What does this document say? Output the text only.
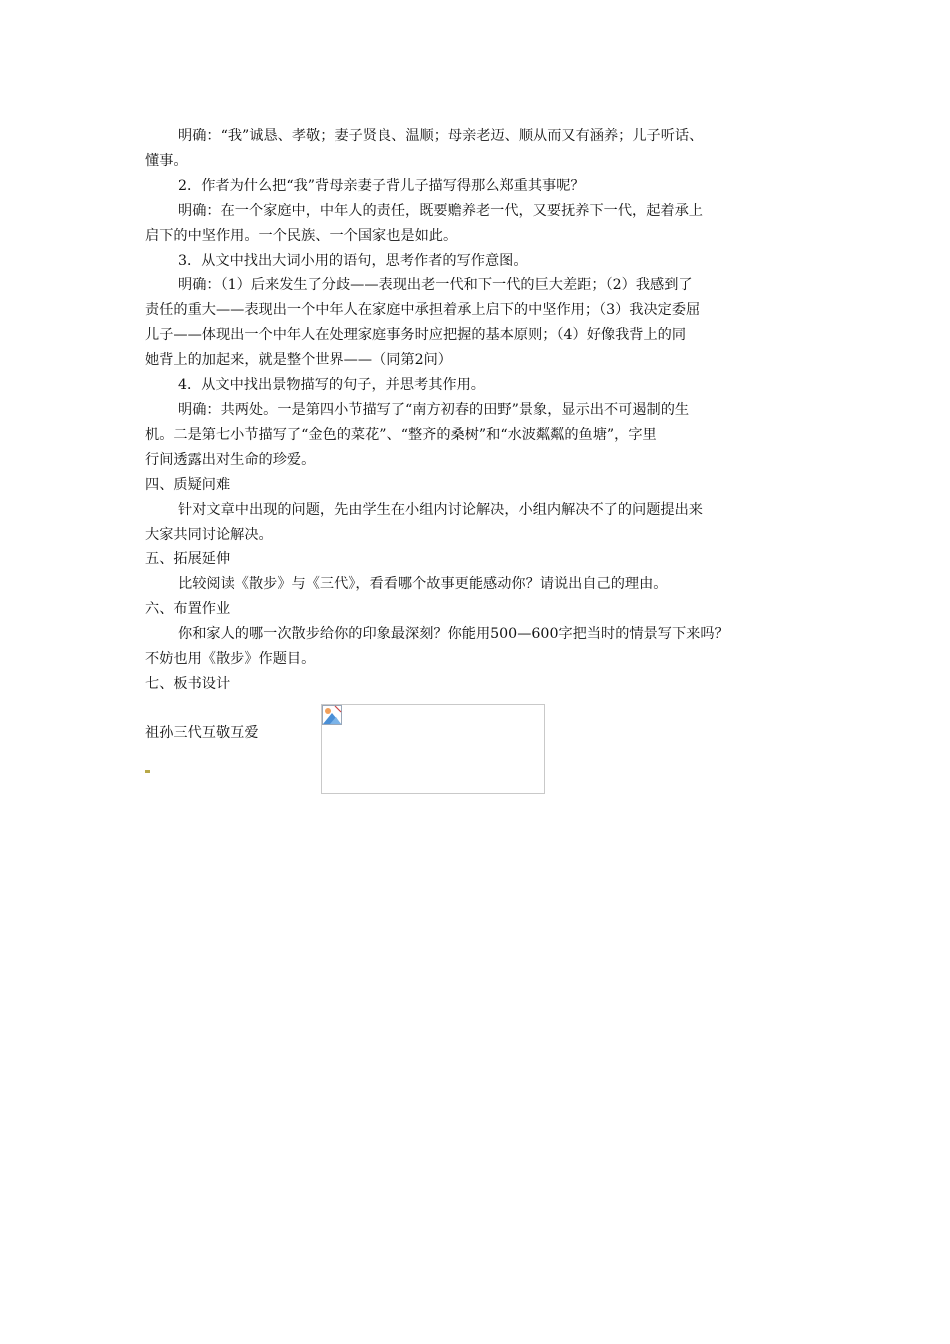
明确：“我”诚恳、孝敬；妻子贤良、温顺；母亲老迈、顺从而又有涵养；儿子听话、

懂事。

2．作者为什么把“我”背母亲妻子背儿子描写得那么郑重其事呢？

明确：在一个家庭中，中年人的责任，既要赡养老一代，又要抚养下一代，起着承上

启下的中坚作用。一个民族、一个国家也是如此。

3．从文中找出大词小用的语句，思考作者的写作意图。

明确：（1）后来发生了分歧——表现出老一代和下一代的巨大差距；（2）我感到了

责任的重大——表现出一个中年人在家庭中承担着承上启下的中坚作用；（3）我决定委屈

儿子——体现出一个中年人在处理家庭事务时应把握的基本原则；（4）好像我背上的同

她背上的加起来，就是整个世界——（同第2问）

4．从文中找出景物描写的句子，并思考其作用。

明确：共两处。一是第四小节描写了“南方初春的田野”景象，显示出不可遏制的生

机。二是第七小节描写了“金色的菜花”、“整齐的桑树”和“水波粼粼的鱼塘”，字里

行间透露出对生命的珍爱。

四、质疑问难

针对文章中出现的问题，先由学生在小组内讨论解决，小组内解决不了的问题提出来

大家共同讨论解决。

五、拓展延伸

比较阅读《散步》与《三代》，看看哪个故事更能感动你？请说出自己的理由。

六、布置作业

你和家人的哪一次散步给你的印象最深刻？你能用500—600字把当时的情景写下来吗？

不妨也用《散步》作题目。

七、板书设计

祖孙三代互敬互爱
